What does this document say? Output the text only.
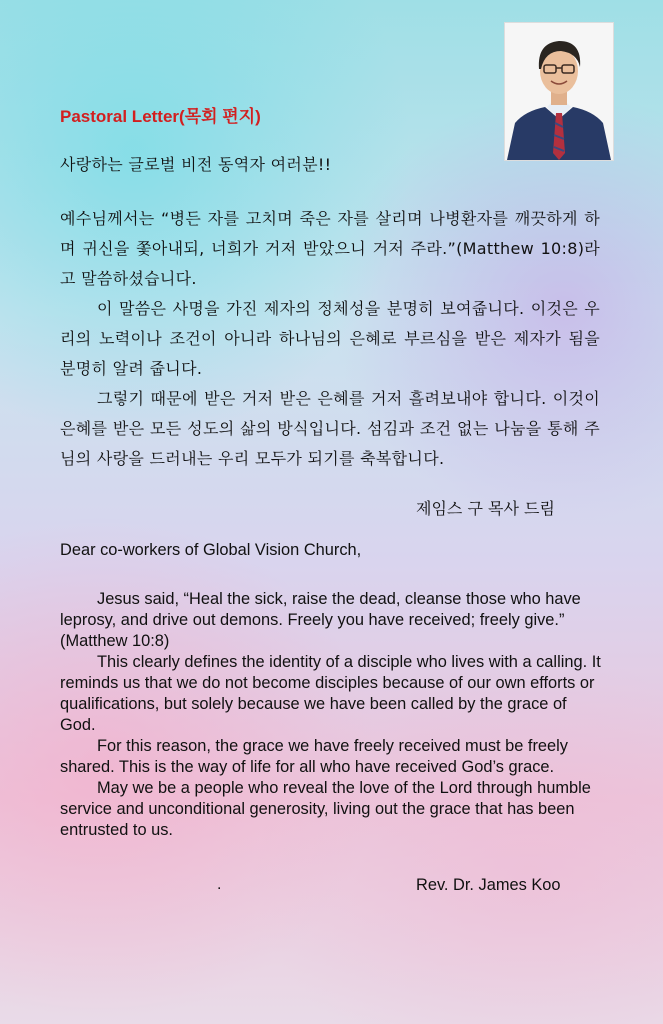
Pastoral Letter(목회 편지)

사랑하는 글로벌 비전 동역자 여러분!!

예수님께서는 “병든 자를 고치며 죽은 자를 살리며 나병환자를 깨끗하게 하며 귀신을 쫓아내되, 너희가 거저 받았으니 거저 주라.”(Matthew 10:8)라고 말씀하셨습니다.

이 말씀은 사명을 가진 제자의 정체성을 분명히 보여줍니다. 이것은 우리의 노력이나 조건이 아니라 하나님의 은혜로 부르심을 받은 제자가 됨을 분명히 알려 줍니다.

그렇기 때문에 받은 거저 받은 은혜를 거저 흘려보내야 합니다. 이것이 은혜를 받은 모든 성도의 삶의 방식입니다. 섬김과 조건 없는 나눔을 통해 주님의 사랑을 드러내는 우리 모두가 되기를 축복합니다.

제임스 구 목사 드림
Dear co-workers of Global Vision Church,

Jesus said, “Heal the sick, raise the dead, cleanse those who have leprosy, and drive out demons. Freely you have received; freely give.” (Matthew 10:8)

This clearly defines the identity of a disciple who lives with a calling. It reminds us that we do not become disciples because of our own efforts or qualifications, but solely because we have been called by the grace of God.

For this reason, the grace we have freely received must be freely shared. This is the way of life for all who have received God’s grace.

May we be a people who reveal the love of the Lord through humble service and unconditional generosity, living out the grace that has been entrusted to us.

.	Rev. Dr. James Koo
